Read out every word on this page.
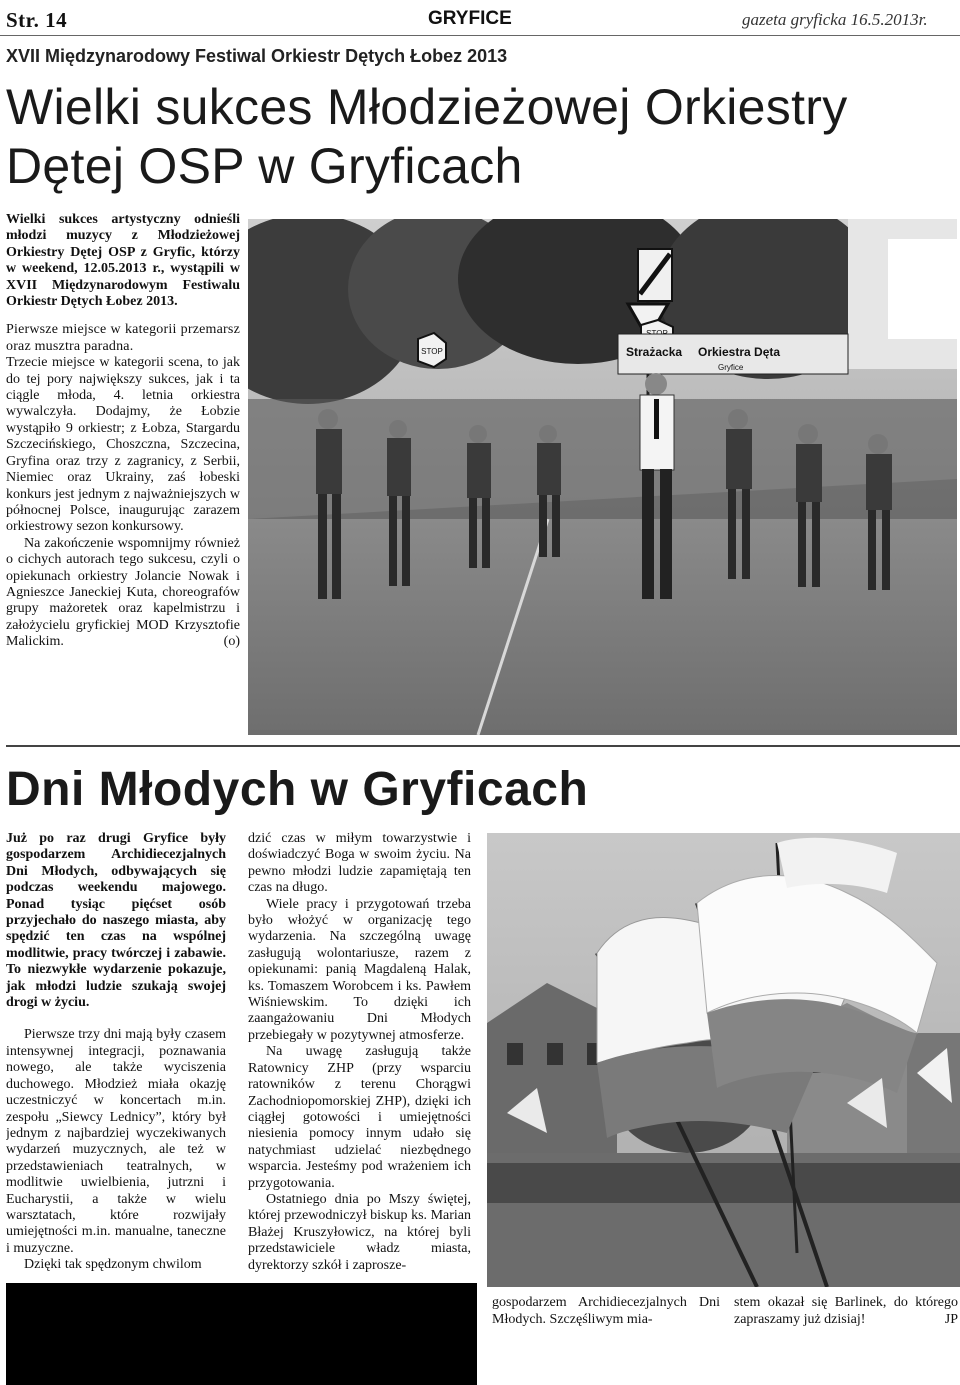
Str. 14	GRYFICE	gazeta gryficka 16.5.2013r.
XVII Międzynarodowy Festiwal Orkiestr Dętych Łobez 2013
Wielki sukces Młodzieżowej Orkiestry Dętej OSP w Gryficach

Wielki sukces artystyczny odnieśli młodzi muzycy z Młodzieżowej Orkiestry Dętej OSP z Gryfic, którzy w weekend, 12.05.2013 r., wystąpili w XVII Międzynarodowym Festiwalu Orkiestr Dętych Łobez 2013.

Pierwsze miejsce w kategorii przemarsz oraz musztra paradna.

Trzecie miejsce w kategorii scena, to jak do tej pory największy sukces, jak i ta ciągle młoda, 4. letnia orkiestra wywalczyła. Dodajmy, że Łobzie wystąpiło 9 orkiestr; z Łobza, Stargardu Szczecińskiego, Choszczna, Szczecina, Gryfina oraz trzy z zagranicy, z Serbii, Niemiec oraz Ukrainy, zaś łobeski konkurs jest jednym z najważniejszych w północnej Polsce, inaugurując zarazem orkiestrowy sezon konkursowy.

Na zakończenie wspomnijmy również o cichych autorach tego sukcesu, czyli o opiekunach orkiestry Jolancie Nowak i Agnieszce Janeckiej Kuta, choreografów grupy mażoretek oraz kapelmistrzu i założycielu gryfickiej MOD Krzysztofie Malickim.	(o)

STOP	Strażacka Orkiestra Dęta
Gryfice
Dni Młodych w Gryficach

Już po raz drugi Gryfice były gospodarzem Archidiecezjalnych Dni Młodych, odbywających się podczas weekendu majowego. Ponad tysiąc pięćset osób przyjechało do naszego miasta, aby spędzić ten czas na wspólnej modlitwie, pracy twórczej i zabawie. To niezwykłe wydarzenie pokazuje, jak młodzi ludzie szukają swojej drogi w życiu.

Pierwsze trzy dni mają były czasem intensywnej integracji, poznawania nowego, ale także wyciszenia duchowego. Młodzież miała okazję uczestniczyć w koncertach m.in. zespołu „Siewcy Lednicy”, który był jednym z najbardziej wyczekiwanych wydarzeń muzycznych, ale też w przedstawieniach teatralnych, w modlitwie uwielbienia, jutrzni i Eucharystii, a także w wielu warsztatach, które rozwijały umiejętności m.in. manualne, taneczne i muzyczne.

Dzięki tak spędzonym chwilom

dzić czas w miłym towarzystwie i doświadczyć Boga w swoim życiu. Na pewno młodzi ludzie zapamiętają ten czas na długo.

Wiele pracy i przygotowań trzeba było włożyć w organizację tego wydarzenia. Na szczególną uwagę zasługują wolontariusze, razem z opiekunami: panią Magdaleną Halak, ks. Tomaszem Worobcem i ks. Pawłem Wiśniewskim. To dzięki ich zaangażowaniu Dni Młodych przebiegały w pozytywnej atmosferze.

Na uwagę zasługują także Ratownicy ZHP (przy wsparciu ratowników z terenu Chorągwi Zachodniopomorskiej ZHP), dzięki ich ciągłej gotowości i umiejętności niesienia pomocy innym udało się natychmiast udzielać niezbędnego wsparcia. Jesteśmy pod wrażeniem ich przygotowania.

Ostatniego dnia po Mszy świętej, której przewodniczył biskup ks. Marian Błażej Kruszyłowicz, na której byli przedstawiciele władz miasta, dyrektorzy szkół i zaprosze-

gospodarzem Archidiecezjalnych Dni Młodych. Szczęśliwym mia-

stem okazał się Barlinek, do którego zapraszamy już dzisiaj!	JP
